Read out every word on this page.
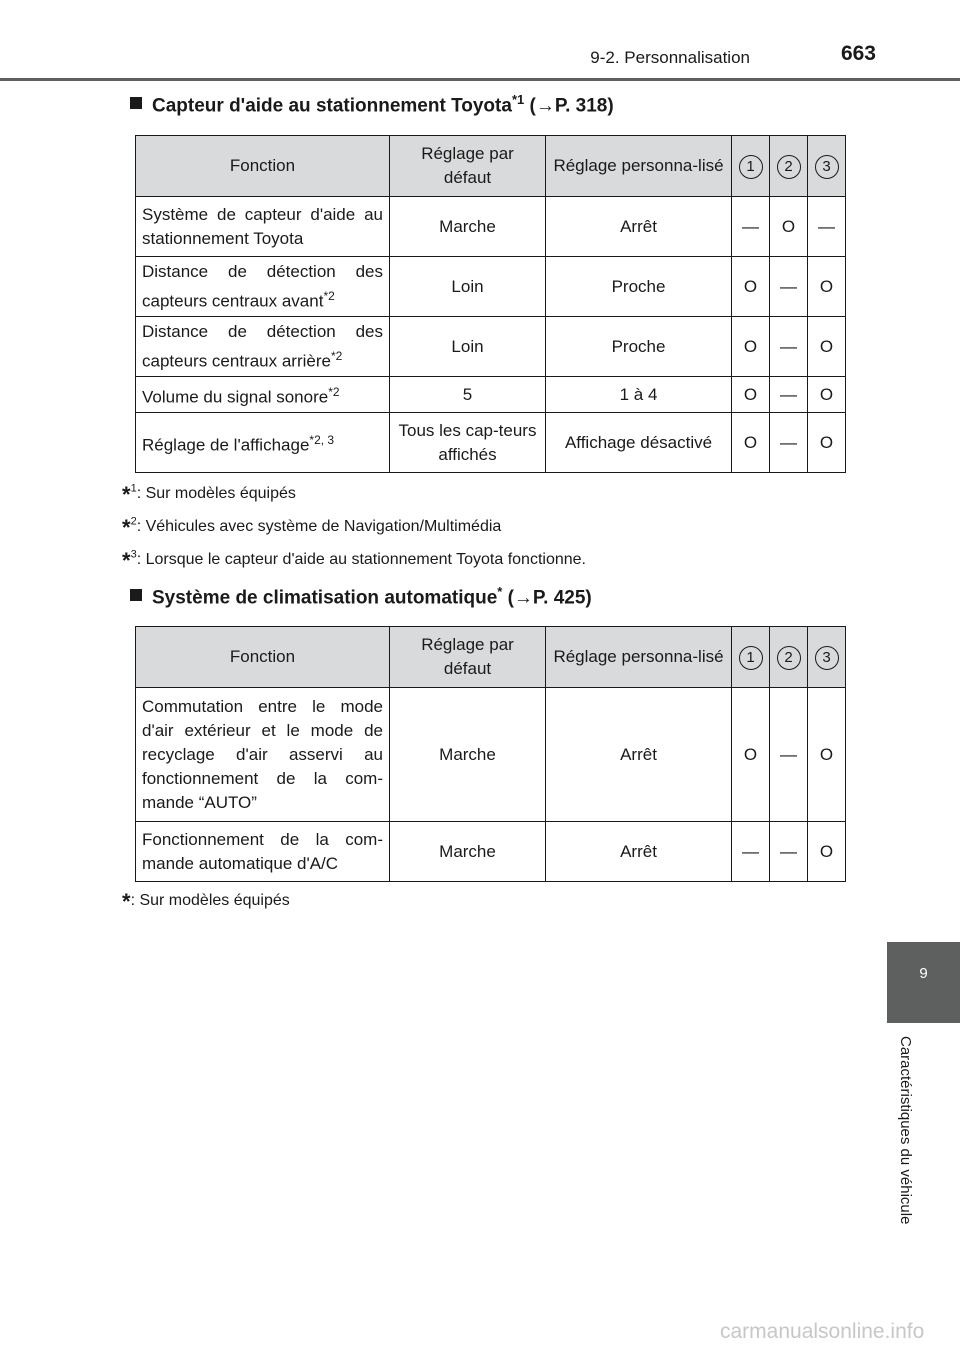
9-2. Personnalisation	663
9
Caractéristiques du véhicule
Capteur d'aide au stationnement Toyota$^{*1}$ (→P. 318)
Fonction	Réglage par défaut	Réglage personna-lisé	1	2	3
Système de capteur d'aide au stationnement Toyota	Marche	Arrêt	—	O	—
Distance de détection des capteurs centraux avant$^{*2}$	Loin	Proche	O	—	O
Distance de détection des capteurs centraux arrière$^{*2}$	Loin	Proche	O	—	O
Volume du signal sonore$^{*2}$	5	1 à 4	O	—	O
Réglage de l'affichage$^{*2, 3}$	Tous les cap-teurs affichés	Affichage désactivé	O	—	O
*$^1$: Sur modèles équipés
*$^2$: Véhicules avec système de Navigation/Multimédia
*$^3$: Lorsque le capteur d'aide au stationnement Toyota fonctionne.
Système de climatisation automatique* (→P. 425)
Fonction	Réglage par défaut	Réglage personna-lisé	1	2	3
Commutation entre le mode d'air extérieur et le mode de recyclage d'air asservi au fonctionnement de la com-mande “AUTO”	Marche	Arrêt	O	—	O
Fonctionnement de la com-mande automatique d'A/C	Marche	Arrêt	—	—	O
*: Sur modèles équipés
carmanualsonline.info
